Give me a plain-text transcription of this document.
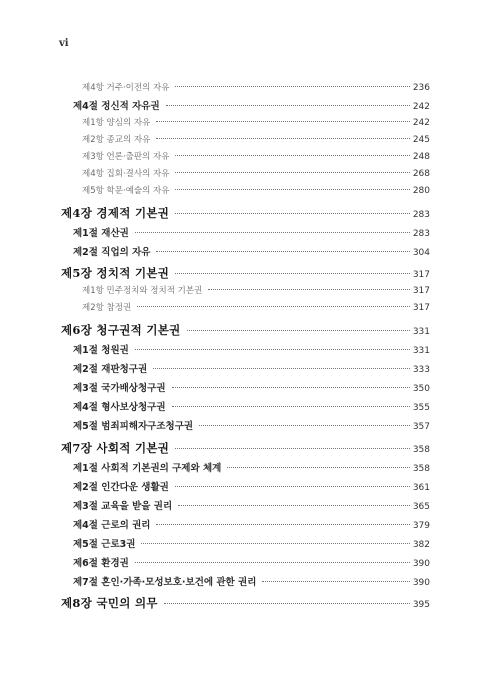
vi
제4항 거주·이전의 자유	236
제4절 정신적 자유권	242
제1항 양심의 자유	242
제2항 종교의 자유	245
제3항 언론·출판의 자유	248
제4항 집회·결사의 자유	268
제5항 학문·예술의 자유	280
제4장 경제적 기본권	283
제1절 재산권	283
제2절 직업의 자유	304
제5장 정치적 기본권	317
제1항 민주정치와 정치적 기본권	317
제2항 참정권	317
제6장 청구권적 기본권	331
제1절 청원권	331
제2절 재판청구권	333
제3절 국가배상청구권	350
제4절 형사보상청구권	355
제5절 범죄피해자구조청구권	357
제7장 사회적 기본권	358
제1절 사회적 기본권의 구제와 체계	358
제2절 인간다운 생활권	361
제3절 교육을 받을 권리	365
제4절 근로의 권리	379
제5절 근로3권	382
제6절 환경권	390
제7절 혼인·가족·모성보호·보건에 관한 권리	390
제8장 국민의 의무	395
